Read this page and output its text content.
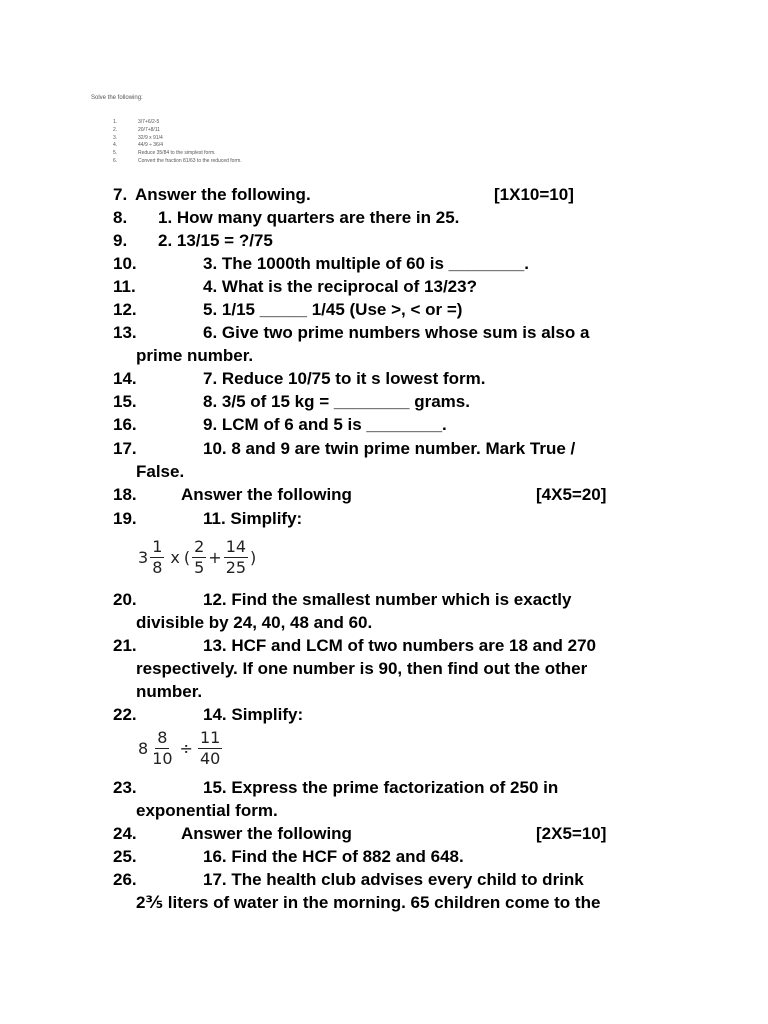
Solve the following:
1.	3/7+6/2-5
2.	20/7+8/11
3.	32/9 x 91/4
4.	44/9 ÷ 36/4
5.	Reduce 35/84 to the simplest form.
6.	Convert the fraction 81/63 to the reduced form.
7. Answer the following.	[1X10=10]
8. 1. How many quarters are there in 25.
9. 2. 13/15 = ?/75
10.	3. The 1000th multiple of 60 is ________.
11.	4. What is the reciprocal of 13/23?
12.	5. 1/15 _____ 1/45 (Use >, < or =)
13.	6. Give two prime numbers whose sum is also a
prime number.
14.	7. Reduce 10/75 to it s lowest form.
15.	8. 3/5 of 15 kg = ________ grams.
16.	9. LCM of 6 and 5 is ________.
17.	10. 8 and 9 are twin prime number. Mark True /
False.
18.	Answer the following	[4X5=20]
19.	11. Simplify:
$3 \frac{1}{8}$ x ( $\frac{2}{5} + \frac{14}{25}$ )
20.	12. Find the smallest number which is exactly
divisible by 24, 40, 48 and 60.
21.	13. HCF and LCM of two numbers are 18 and 270
respectively. If one number is 90, then find out the other
number.
22.	14. Simplify:
$8 \frac{8}{10} \div \frac{11}{40}$
23.	15. Express the prime factorization of 250 in
exponential form.
24.	Answer the following	[2X5=10]
25.	16. Find the HCF of 882 and 648.
26.	17. The health club advises every child to drink
2⅗ liters of water in the morning. 65 children come to the
